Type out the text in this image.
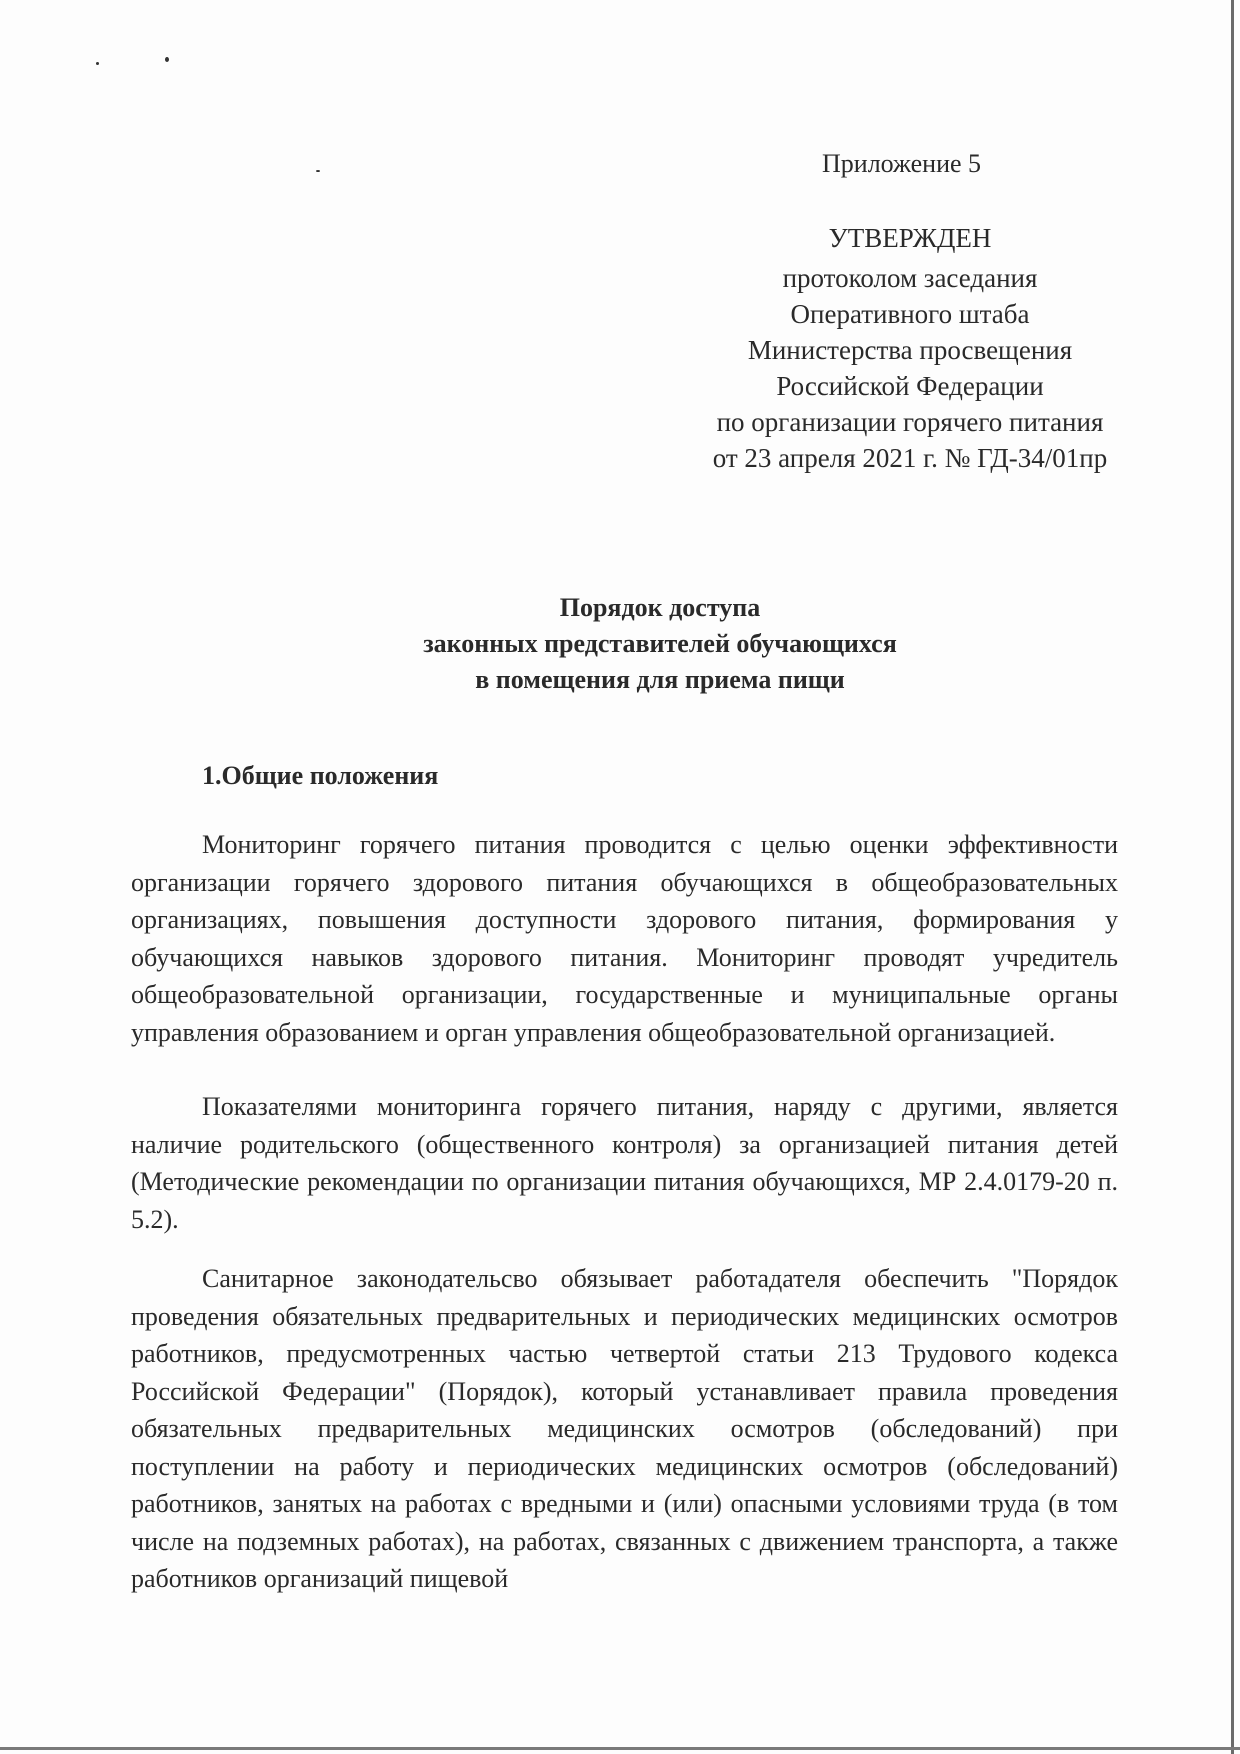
Приложение 5

УТВЕРЖДЕН

протоколом заседания

Оперативного штаба

Министерства просвещения

Российской Федерации

по организации горячего питания

от 23 апреля 2021 г. № ГД-34/01пр

Порядок доступа

законных представителей обучающихся

в помещения для приема пищи

1.Общие положения

Мониторинг горячего питания проводится с целью оценки эффективности организации горячего здорового питания обучающихся в общеобразовательных организациях, повышения доступности здорового питания, формирования у обучающихся навыков здорового питания. Мониторинг проводят учредитель общеобразовательной организации, государственные и муниципальные органы управления образованием и орган управления общеобразовательной организацией.

Показателями мониторинга горячего питания, наряду с другими, является наличие родительского (общественного контроля) за организацией питания детей (Методические рекомендации по организации питания обучающихся, МР 2.4.0179-20 п. 5.2).

Санитарное законодательсво обязывает работадателя обеспечить "Порядок проведения обязательных предварительных и периодических медицинских осмотров работников, предусмотренных частью четвертой статьи 213 Трудового кодекса Российской Федерации" (Порядок), который устанавливает правила проведения обязательных предварительных медицинских осмотров (обследований) при поступлении на работу и периодических медицинских осмотров (обследований) работников, занятых на работах с вредными и (или) опасными условиями труда (в том числе на подземных работах), на работах, связанных с движением транспорта, а также работников организаций пищевой
